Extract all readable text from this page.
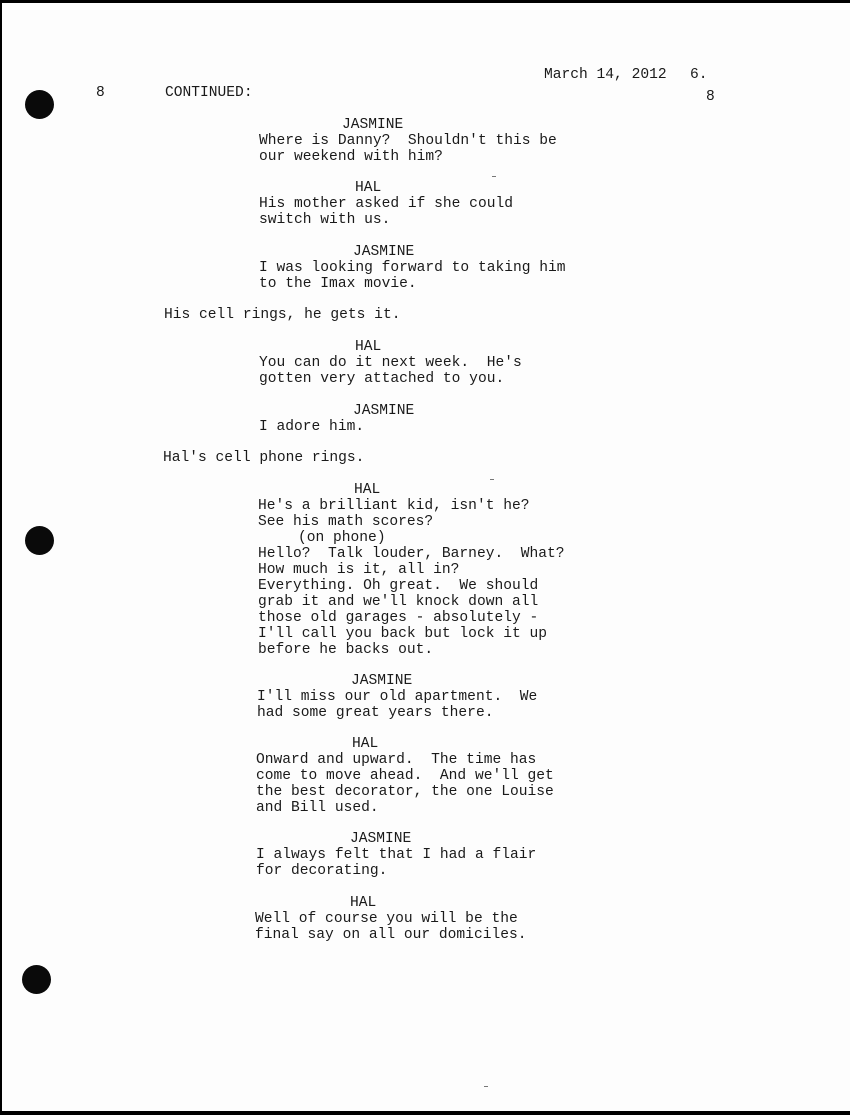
March 14, 2012 6.
8	CONTINUED:	8
JASMINE
Where is Danny?  Shouldn't this be
our weekend with him?
HAL
His mother asked if she could
switch with us.
JASMINE
I was looking forward to taking him
to the Imax movie.
His cell rings, he gets it.
HAL
You can do it next week.  He's
gotten very attached to you.
JASMINE
I adore him.
Hal's cell phone rings.
HAL
He's a brilliant kid, isn't he?
See his math scores?
(on phone)
Hello?  Talk louder, Barney.  What?
How much is it, all in?
Everything. Oh great.  We should
grab it and we'll knock down all
those old garages - absolutely -
I'll call you back but lock it up
before he backs out.
JASMINE
I'll miss our old apartment.  We
had some great years there.
HAL
Onward and upward.  The time has
come to move ahead.  And we'll get
the best decorator, the one Louise
and Bill used.
JASMINE
I always felt that I had a flair
for decorating.
HAL
Well of course you will be the
final say on all our domiciles.
